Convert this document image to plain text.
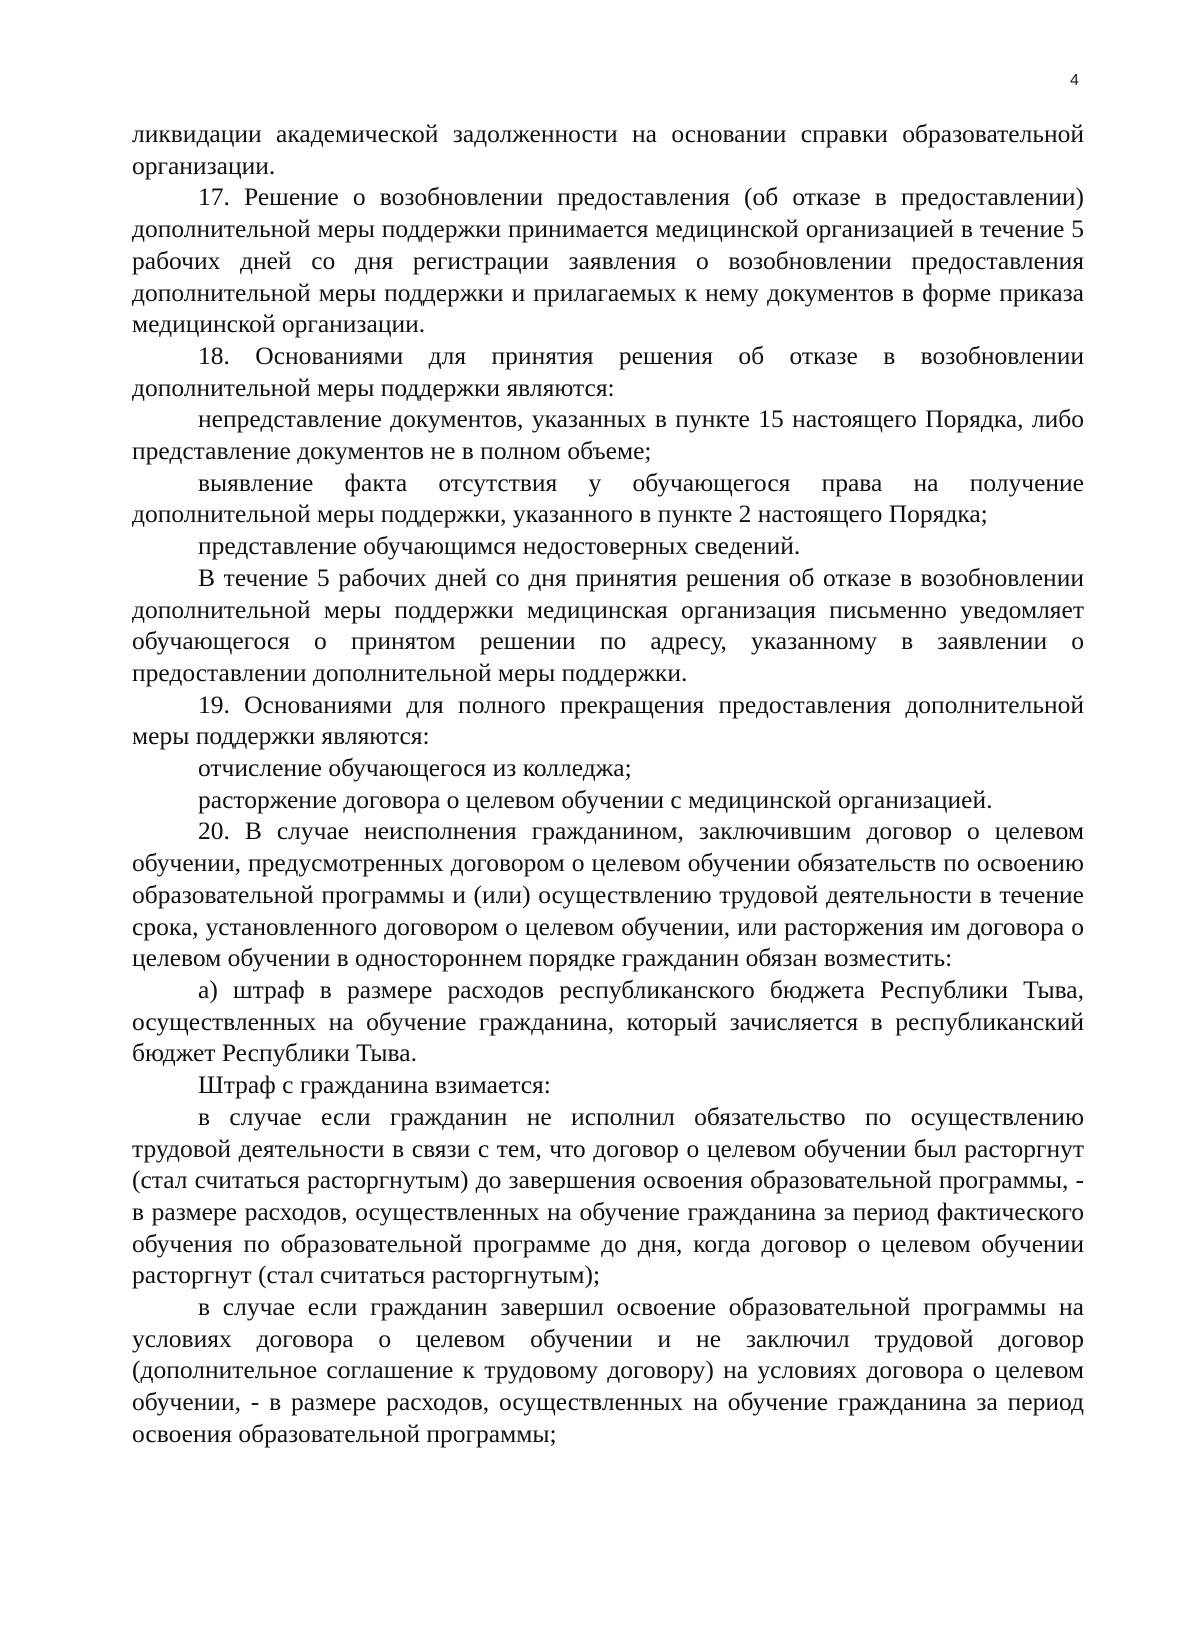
4

ликвидации академической задолженности на основании справки образовательной организации.

17. Решение о возобновлении предоставления (об отказе в предоставлении) дополнительной меры поддержки принимается медицинской организацией в течение 5 рабочих дней со дня регистрации заявления о возобновлении предоставления дополнительной меры поддержки и прилагаемых к нему документов в форме приказа медицинской организации.

18. Основаниями для принятия решения об отказе в возобновлении дополнительной меры поддержки являются:

непредставление документов, указанных в пункте 15 настоящего Порядка, либо представление документов не в полном объеме;

выявление факта отсутствия у обучающегося права на получение дополнительной меры поддержки, указанного в пункте 2 настоящего Порядка;

представление обучающимся недостоверных сведений.

В течение 5 рабочих дней со дня принятия решения об отказе в возобновлении дополнительной меры поддержки медицинская организация письменно уведомляет обучающегося о принятом решении по адресу, указанному в заявлении о предоставлении дополнительной меры поддержки.

19. Основаниями для полного прекращения предоставления дополнительной меры поддержки являются:

отчисление обучающегося из колледжа;

расторжение договора о целевом обучении с медицинской организацией.

20. В случае неисполнения гражданином, заключившим договор о целевом обучении, предусмотренных договором о целевом обучении обязательств по освоению образовательной программы и (или) осуществлению трудовой деятельности в течение срока, установленного договором о целевом обучении, или расторжения им договора о целевом обучении в одностороннем порядке гражданин обязан возместить:

а) штраф в размере расходов республиканского бюджета Республики Тыва, осуществленных на обучение гражданина, который зачисляется в республиканский бюджет Республики Тыва.

Штраф с гражданина взимается:

в случае если гражданин не исполнил обязательство по осуществлению трудовой деятельности в связи с тем, что договор о целевом обучении был расторгнут (стал считаться расторгнутым) до завершения освоения образовательной программы, - в размере расходов, осуществленных на обучение гражданина за период фактического обучения по образовательной программе до дня, когда договор о целевом обучении расторгнут (стал считаться расторгнутым);

в случае если гражданин завершил освоение образовательной программы на условиях договора о целевом обучении и не заключил трудовой договор (дополнительное соглашение к трудовому договору) на условиях договора о целевом обучении, - в размере расходов, осуществленных на обучение гражданина за период освоения образовательной программы;
